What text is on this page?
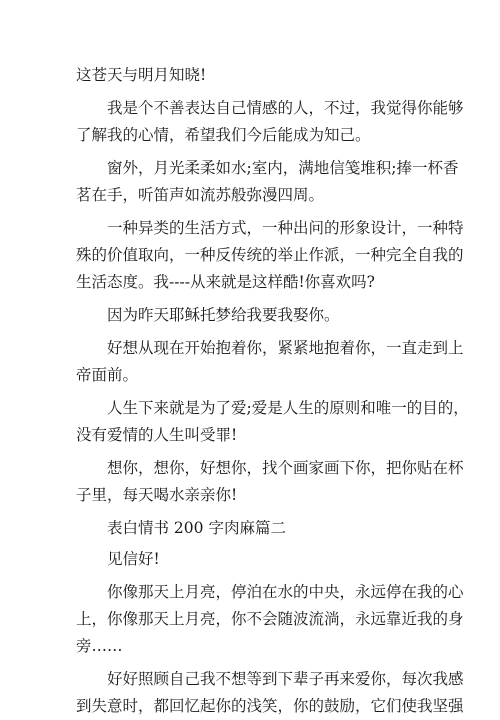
这苍天与明月知晓!
我是个不善表达自己情感的人，不过，我觉得你能够
了解我的心情，希望我们今后能成为知己。
窗外，月光柔柔如水;室内，满地信笺堆积;捧一杯香
茗在手，听笛声如流苏般弥漫四周。
一种异类的生活方式，一种出问的形象设计，一种特
殊的价值取向，一种反传统的举止作派，一种完全自我的
生活态度。我----从来就是这样酷!你喜欢吗?
因为昨天耶稣托梦给我要我娶你。
好想从现在开始抱着你，紧紧地抱着你，一直走到上
帝面前。
人生下来就是为了爱;爱是人生的原则和唯一的目的，
没有爱情的人生叫受罪!
想你，想你，好想你，找个画家画下你，把你贴在杯
子里，每天喝水亲亲你!
表白情书 200 字肉麻篇二
见信好!
你像那天上月亮，停泊在水的中央，永远停在我的心
上，你像那天上月亮，你不会随波流淌，永远靠近我的身
旁……
好好照顾自己我不想等到下辈子再来爱你，每次我感
到失意时，都回忆起你的浅笑，你的鼓励，它们使我坚强
